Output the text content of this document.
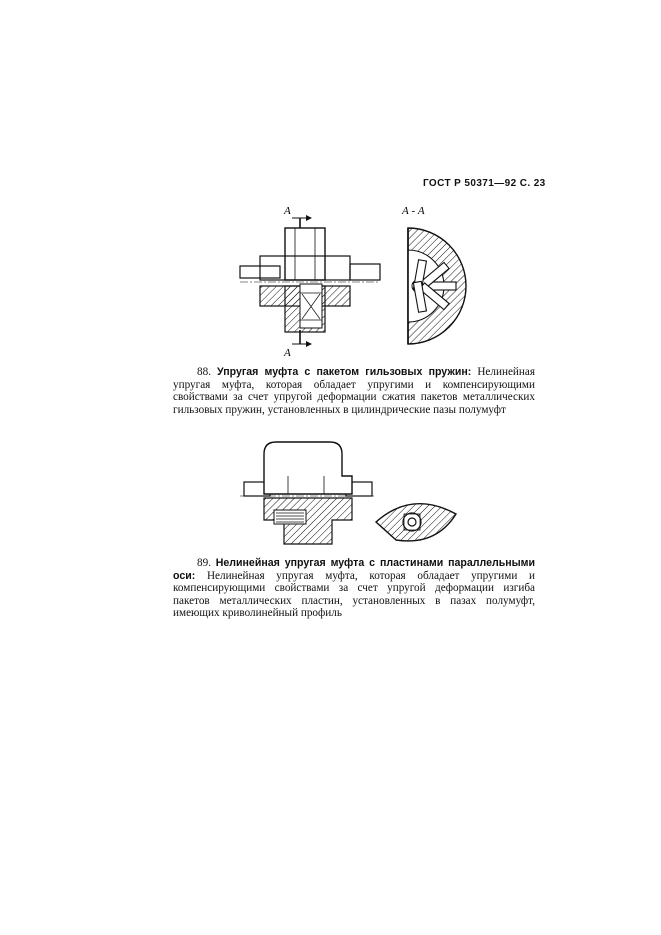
ГОСТ Р 50371—92 С. 23
А
А
А - А
88. Упругая муфта с пакетом гильзовых пружин: Нелинейная упругая муфта, которая обладает упругими и компенсирующими свойствами за счет упругой деформации сжатия пакетов металлических гильзовых пружин, установленных в цилиндрические пазы полумуфт
89. Нелинейная упругая муфта с пластинами параллельными оси: Нелинейная упругая муфта, которая обладает упругими и компенсирующими свойствами за счет упругой деформации изгиба пакетов металлических пластин, установленных в пазах полумуфт, имеющих криволинейный профиль
